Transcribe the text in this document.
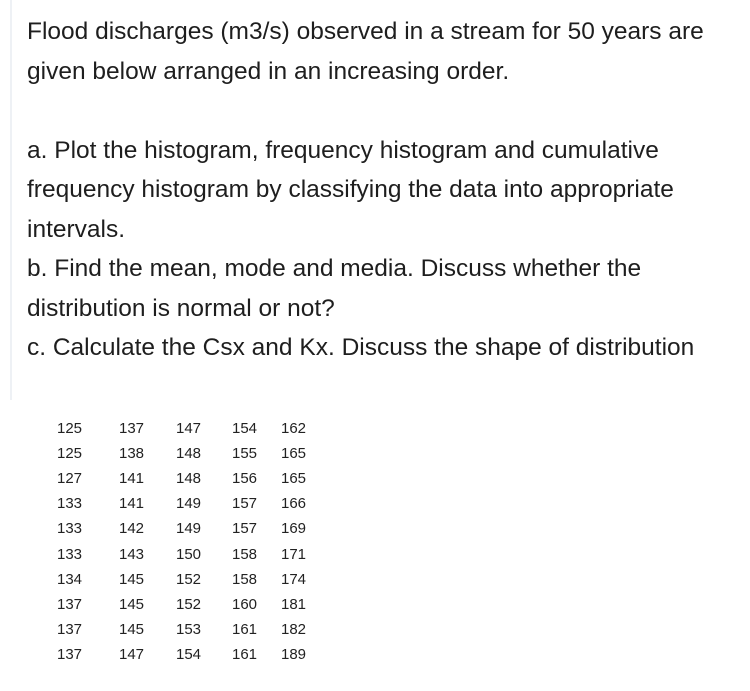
Flood discharges (m3/s) observed in a stream for 50 years are given below arranged in an increasing order.

a. Plot the histogram, frequency histogram and cumulative frequency histogram by classifying the data into appropriate intervals.

b. Find the mean, mode and media. Discuss whether the distribution is normal or not?

c. Calculate the Csx and Kx. Discuss the shape of distribution

125	137	147	154	162
125	138	148	155	165
127	141	148	156	165
133	141	149	157	166
133	142	149	157	169
133	143	150	158	171
134	145	152	158	174
137	145	152	160	181
137	145	153	161	182
137	147	154	161	189
